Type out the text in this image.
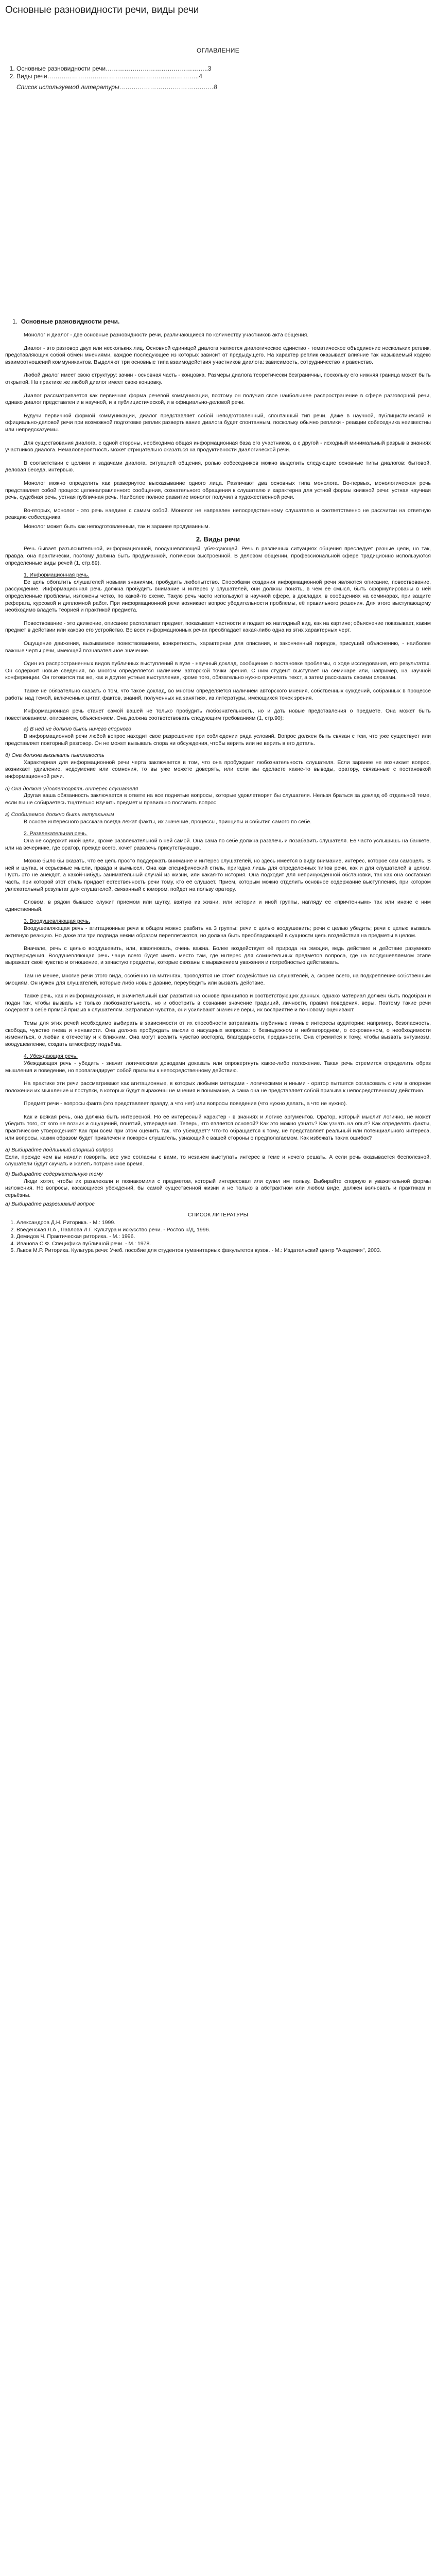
Основные разновидности речи, виды речи
ОГЛАВЛЕНИЕ
1. Основные разновидности речи…………………………………………..3
2. Виды речи………………………………………………………………..4
Список используемой литературы……………………………………….8
1.  Основные разновидности речи.

Монолог и диалог - две основные разновидности речи, различающиеся по количеству участников акта общения.

Диалог - это разговор двух или нескольких лиц. Основной единицей диалога является диалогическое единство - тематическое объединение нескольких реплик, представляющих собой обмен мнениями, каждое последующее из которых зависит от предыдущего. На характер реплик оказывает влияние так называемый кодекс взаимоотношений коммуникантов. Выделяют три основные типа взаимодействия участников диалога: зависимость, сотрудничество и равенство.

Любой диалог имеет свою структуру: зачин - основная часть - концовка. Размеры диалога теоретически безграничны, поскольку его нижняя граница может быть открытой. На практике же любой диалог имеет свою концовку.

Диалог рассматривается как первичная форма речевой коммуникации, поэтому он получил свое наибольшее распространение в сфере разговорной речи, однако диалог представлен и в научной, и в публицистической, и в официально-деловой речи.

Будучи первичной формой коммуникации, диалог представляет собой неподготовленный, спонтанный тип речи. Даже в научной, публицистической и официально-деловой речи при возможной подготовке реплик развертывание диалога будет спонтанным, поскольку обычно реплики - реакции собеседника неизвестны или непредсказуемы.

Для существования диалога, с одной стороны, необходима общая информационная база его участников, а с другой - исходный минимальный разрыв в знаниях участников диалога. Немаловероятность может отрицательно сказаться на продуктивности диалогической речи.

В соответствии с целями и задачами диалога, ситуацией общения, ролью собеседников можно выделить следующие основные типы диалогов: бытовой, деловая беседа, интервью.

Монолог можно определить как развернутое высказывание одного лица. Различают два основных типа монолога. Во-первых, монологическая речь представляет собой процесс целенаправленного сообщения, сознательного обращения к слушателю и характерна для устной формы книжной речи: устная научная речь, судебная речь, устная публичная речь. Наиболее полное развитие монолог получил в художественной речи.

Во-вторых, монолог - это речь наедине с самим собой. Монолог не направлен непосредственному слушателю и соответственно не рассчитан на ответную реакцию собеседника.

Монолог может быть как неподготовленным, так и заранее продуманным.

2. Виды речи

Речь бывает разъяснительной, информационной, воодушевляющей, убеждающей. Речь в различных ситуациях общения преследует разные цели, но так, правда, она практически, поэтому должна быть продуманной, логически выстроенной. В деловом общении, профессиональной сфере традиционно используются определенные виды речей (1, стр.89).

1. Информационная речь.

Ее цель обогатить слушателей новыми знаниями, пробудить любопытство. Способами создания информационной речи являются описание, повествование, рассуждение. Информационная речь должна пробудить внимание и интерес у слушателей, они должны понять, в чем ее смысл, быть сформулированы в ней определенные проблемы, изложены четко, по какой-то схеме. Такую речь часто используют в научной сфере, в докладах, в сообщениях на семинарах, при защите реферата, курсовой и дипломной работ. При информационной речи возникает вопрос убедительности проблемы, её правильного решения. Для этого выступающему необходимо владеть теорией и практикой предмета.

Повествование - это движение, описание располагает предмет, показывает частности и подает их наглядный вид, как на картине; объяснение показывает, каким предмет в действии или каково его устройство. Во всех информационных речах преобладает какая-либо одна из этих характерных черт.

Ощущение движения, вызываемое повествованием, конкретность, характерная для описания, и законченный порядок, присущий объяснению, - наиболее важные черты речи, имеющей познавательное значение.

Один из распространенных видов публичных выступлений в вузе - научный доклад, сообщение о постановке проблемы, о ходе исследования, его результатах. Он содержит новые сведения, во многом определяется наличием авторской точки зрения. С ним студент выступает на семинаре или, например, на научной конференции. Он готовится так же, как и другие устные выступления, кроме того, обязательно нужно прочитать текст, а затем рассказать своими словами.

Также не обязательно сказать о том, что такое доклад, во многом определяется наличием авторского мнения, собственных суждений, собранных в процессе работы над темой, включенных цитат, фактов, знаний, полученных на занятиях, из литературы, имеющихся точек зрения.

Информационная речь станет самой вашей не только пробудить любознательность, но и дать новые представления о предмете. Она может быть повествованием, описанием, объяснением. Она должна соответствовать следующим требованиям (1, стр.90):

а) В ней не должно быть ничего спорного

В информационной речи любой вопрос находит свое разрешение при соблюдении ряда условий. Вопрос должен быть связан с тем, что уже существует или представляет повторный разговор. Он не может вызывать спора ни обсуждения, чтобы верить или не верить в его деталь.

б) Она должна вызывать пытливость

Характерная для информационной речи черта заключается в том, что она пробуждает любознательность слушателя. Если заранее не возникает вопрос, возникает удивление, недоумение или сомнения, то вы уже можете доверять, или если вы сделаете какие-то выводы, оратору, связанные с постановкой информационной речи.

в) Она должна удовлетворять интерес слушателя

Другая ваша обязанность заключается в ответе на все поднятые вопросы, которые удовлетворят бы слушателя. Нельзя браться за доклад об отдельной теме, если вы не собираетесь тщательно изучить предмет и правильно поставить вопрос.

г) Сообщаемое должно быть актуальным

В основе интересного рассказа всегда лежат факты, их значение, процессы, принципы и события самого по себе.

2. Развлекательная речь.

Она не содержит иной цели, кроме развлекательной в ней самой. Она сама по себе должна развлечь и позабавить слушателя. Её часто услышишь на банкете, или на вечеринке, где оратор, прежде всего, хочет развлечь присутствующих.

Можно было бы сказать, что её цель просто поддержать внимание и интерес слушателей, но здесь имеется в виду внимание, интерес, которое сам самоцель. В ней и шутка, и серьезные мысли, правда и вымысел. Она как специфический стиль, пригодна лишь для определенных типов речи, как и для слушателей в целом. Пусть это не анекдот, а какой-нибудь занимательный случай из жизни, или какая-то история. Она подходит для непринужденной обстановки, так как она составная часть, при которой этот стиль придает естественность речи тому, кто её слушает. Прием, которым можно отделить основное содержание выступления, при котором увлекательный результат для слушателей, связанный с юмором, пойдет на пользу оратору.

Словом, в рядом бывшее служит приемом или шутку, взятую из жизни, или истории и иной группы, нагляду ее «причтенным» так или иначе с ним единственный.

3. Воодушевляющая речь.

Воодушевляющая речь - агитационные речи в общем можно разбить на 3 группы: речи с целью воодушевить; речи с целью убедить; речи с целью вызвать активную реакцию. Но даже эти три подвида неким образом переплетаются, но должна быть преобладающей в сущности цель воздействия на предметы в целом.

Вначале, речь с целью воодушевить, или, взволновать, очень важна. Более воздействует её природа на эмоции, ведь действие и действие разумного подтверждения. Воодушевляющая речь чаще всего будет иметь место там, где интерес для сомнительных предметов вопроса, где на воодушевляемом этапе выражает своё чувство и отношение, и зачастую предметы, которые связаны с выражением уважения и потребностью действовать.

Там не менее, многие речи этого вида, особенно на митингах, проводятся не стоит воздействие на слушателей, а, скорее всего, на подкрепление собственным эмоциям. Он нужен для слушателей, которые либо новые давние, переубедить или вызвать действие.

Также речь, как и информационная, и значительный шаг развития на основе принципов и соответствующих данных, однако материал должен быть подобран и подан так, чтобы вызвать не только любознательность, но и обострить в сознании значение традиций, личности, правил поведения, веры. Поэтому такие речи содержат в себе прямой призыв к слушателям. Затрагивая чувства, они усиливают значение веры, их восприятие и по-новому оценивают.

Темы для этих речей необходимо выбирать в зависимости от их способности затрагивать глубинные личные интересы аудитории: например, безопасность, свобода, чувство гнева и ненависти. Она должна пробуждать мысли о насущных вопросах: о безнадежном и неблагородном, о сокровенном, о необходимости измениться, о любви к отечеству и к ближним. Она могут вселить чувство восторга, благодарности, преданности. Она стремится к тому, чтобы вызвать энтузиазм, воодушевление, создать атмосферу подъёма.

4. Убеждающая речь.

Убеждающая речь - убедить - значит логическими доводами доказать или опровергнуть какое-либо положение. Такая речь стремится определить образ мышления и поведение, но пропагандирует собой призывы к непосредственному действию.

На практике эти речи рассматривают как агитационные, в которых любыми методами - логическими и иными - оратор пытается согласовать с ним в опорном положении их мышление и поступки, в которых будут выражены не мнения и понимание, а сама она не представляет собой призыва к непосредственному действию.

Предмет речи - вопросы факта (это представляет правду, а что нет) или вопросы поведения (что нужно делать, а что не нужно).

Как и всякая речь, она должна быть интересной. Но её интересный характер - в знаниях и логике аргументов. Оратор, который мыслит логично, не может убедить того, от кого не возник и ощущений, понятий, утверждения. Теперь, что является основой? Как это можно узнать? Как узнать на опыт? Как определять факты, практические утверждения? Как при всем при этом оценить так, что убеждает? Что-то обращается к тому, не представляет реальный или потенциального интереса, или вопросы, каким образом будет привлечен и покорен слушатель, узнающий с вашей стороны о предполагаемом. Как избежать таких ошибок?

а) Выбирайте подлинный спорный вопрос

Если, прежде чем вы начали говорить, все уже согласны с вами, то незачем выступать интерес в теме и нечего решать. А если речь оказывается бесполезной, слушатели будут скучать и жалеть потраченное время.

б) Выбирайте содержательную тему

Люди хотят, чтобы их развлекали и познакомили с предметом, который интересовал или сулил им пользу. Выбирайте спорную и уважительной формы изложения. Но вопросы, касающиеся убеждений, бы самой существенной жизни и не только в абстрактном или любом виде, должен волновать и практикам и серьёзны.

а) Выбирайте разрешимый вопрос
СПИСОК ЛИТЕРАТУРЫ
1. Александров Д.Н. Риторика. - М.: 1999.
2. Введенская Л.А., Павлова Л.Г. Культура и искусство речи. - Ростов н/Д, 1996.
3. Демидов Ч. Практическая риторика. - М.: 1996.
4. Иванова С.Ф. Специфика публичной речи. - М.: 1978.
5. Львов М.Р. Риторика. Культура речи: Учеб. пособие для студентов гуманитарных факультетов вузов. - М.: Издательский центр "Академия", 2003.
